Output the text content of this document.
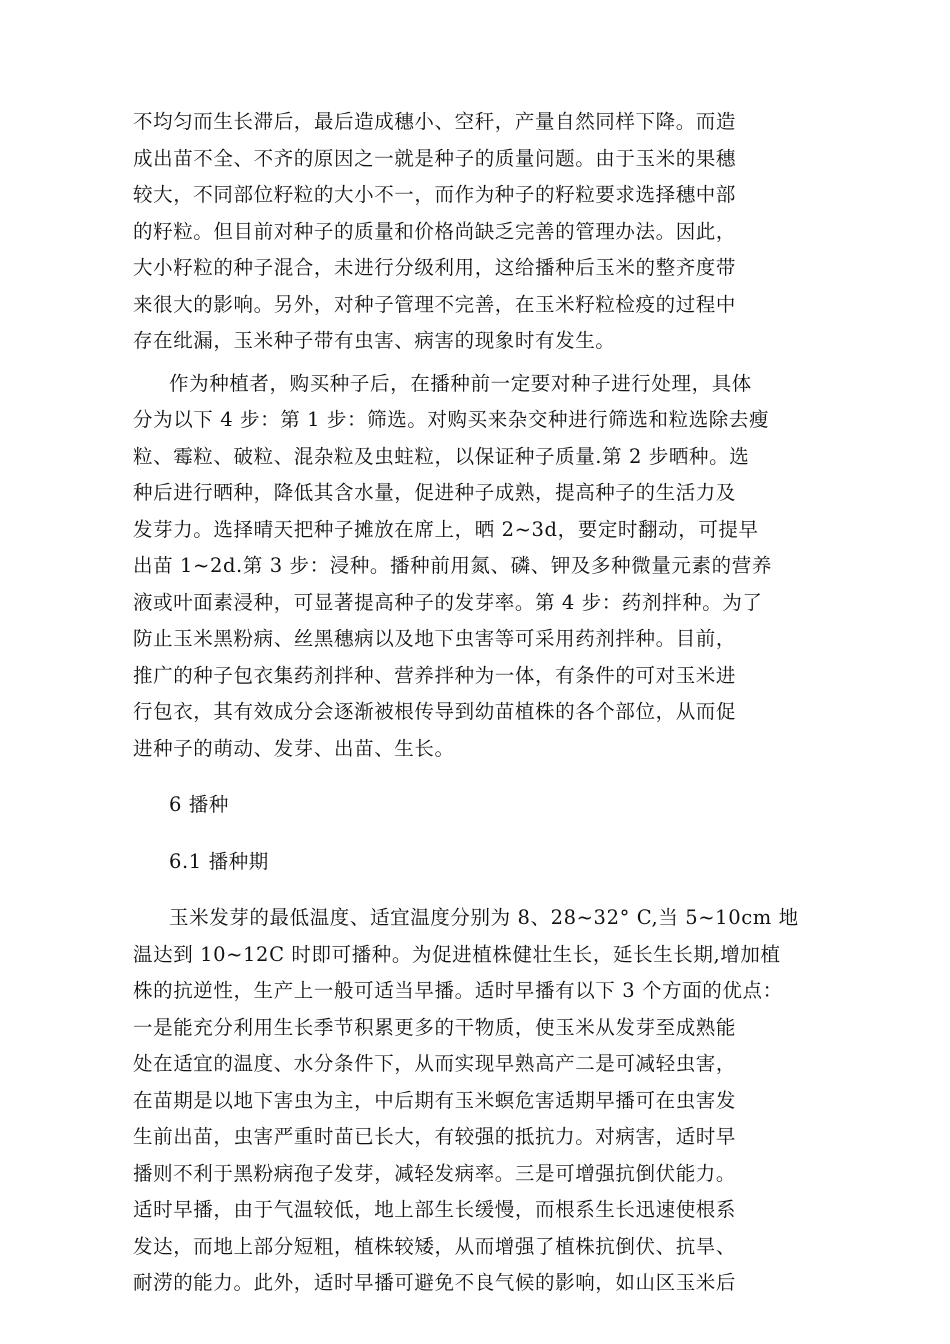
不均匀而生长滞后，最后造成穗小、空秆，产量自然同样下降。而造
成出苗不全、不齐的原因之一就是种子的质量问题。由于玉米的果穗
较大，不同部位籽粒的大小不一，而作为种子的籽粒要求选择穗中部
的籽粒。但目前对种子的质量和价格尚缺乏完善的管理办法。因此，
大小籽粒的种子混合，未进行分级利用，这给播种后玉米的整齐度带
来很大的影响。另外，对种子管理不完善，在玉米籽粒检疫的过程中
存在纰漏，玉米种子带有虫害、病害的现象时有发生。
作为种植者，购买种子后，在播种前一定要对种子进行处理，具体
分为以下 4 步：第 1 步：筛选。对购买来杂交种进行筛选和粒选除去瘦
粒、霉粒、破粒、混杂粒及虫蛀粒，以保证种子质量.第 2 步晒种。选
种后进行晒种，降低其含水量，促进种子成熟，提高种子的生活力及
发芽力。选择晴天把种子摊放在席上，晒 2~3d，要定时翻动，可提早
出苗 1~2d.第 3 步：浸种。播种前用氮、磷、钾及多种微量元素的营养
液或叶面素浸种，可显著提高种子的发芽率。第 4 步：药剂拌种。为了
防止玉米黑粉病、丝黑穗病以及地下虫害等可采用药剂拌种。目前，
推广的种子包衣集药剂拌种、营养拌种为一体，有条件的可对玉米进
行包衣，其有效成分会逐渐被根传导到幼苗植株的各个部位，从而促
进种子的萌动、发芽、出苗、生长。
6 播种
6.1 播种期
玉米发芽的最低温度、适宜温度分别为 8、28~32° C,当 5~10cm 地
温达到 10~12C 时即可播种。为促进植株健壮生长，延长生长期,增加植
株的抗逆性，生产上一般可适当早播。适时早播有以下 3 个方面的优点：
一是能充分利用生长季节积累更多的干物质，使玉米从发芽至成熟能
处在适宜的温度、水分条件下，从而实现早熟高产二是可减轻虫害，
在苗期是以地下害虫为主，中后期有玉米螟危害适期早播可在虫害发
生前出苗，虫害严重时苗已长大，有较强的抵抗力。对病害，适时早
播则不利于黑粉病孢子发芽，减轻发病率。三是可增强抗倒伏能力。
适时早播，由于气温较低，地上部生长缓慢，而根系生长迅速使根系
发达，而地上部分短粗，植株较矮，从而增强了植株抗倒伏、抗旱、
耐涝的能力。此外，适时早播可避免不良气候的影响，如山区玉米后
